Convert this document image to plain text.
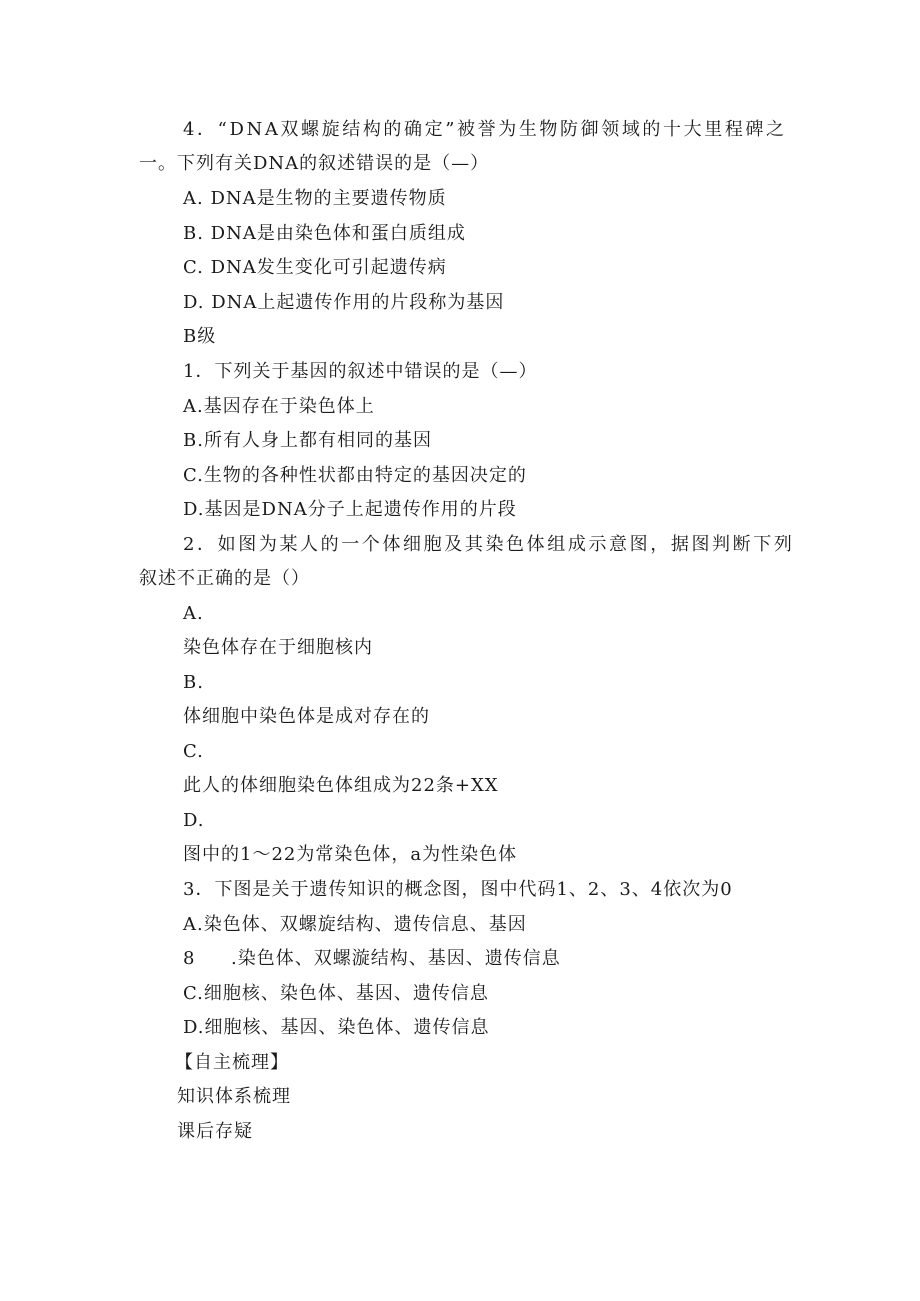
4．“DNA双螺旋结构的确定”被誉为生物防御领域的十大里程碑之
一。下列有关DNA的叙述错误的是（—）
A. DNA是生物的主要遗传物质
B. DNA是由染色体和蛋白质组成
C. DNA发生变化可引起遗传病
D. DNA上起遗传作用的片段称为基因
B级
1．下列关于基因的叙述中错误的是（—）
A.基因存在于染色体上
B.所有人身上都有相同的基因
C.生物的各种性状都由特定的基因决定的
D.基因是DNA分子上起遗传作用的片段
2．如图为某人的一个体细胞及其染色体组成示意图，据图判断下列
叙述不正确的是（）
A.
染色体存在于细胞核内
B.
体细胞中染色体是成对存在的
C.
此人的体细胞染色体组成为22条+XX
D.
图中的1～22为常染色体，a为性染色体
3．下图是关于遗传知识的概念图，图中代码1、2、3、4依次为0
A.染色体、双螺旋结构、遗传信息、基因
8 .染色体、双螺漩结构、基因、遗传信息
C.细胞核、染色体、基因、遗传信息
D.细胞核、基因、染色体、遗传信息
【自主梳理】
知识体系梳理
课后存疑
